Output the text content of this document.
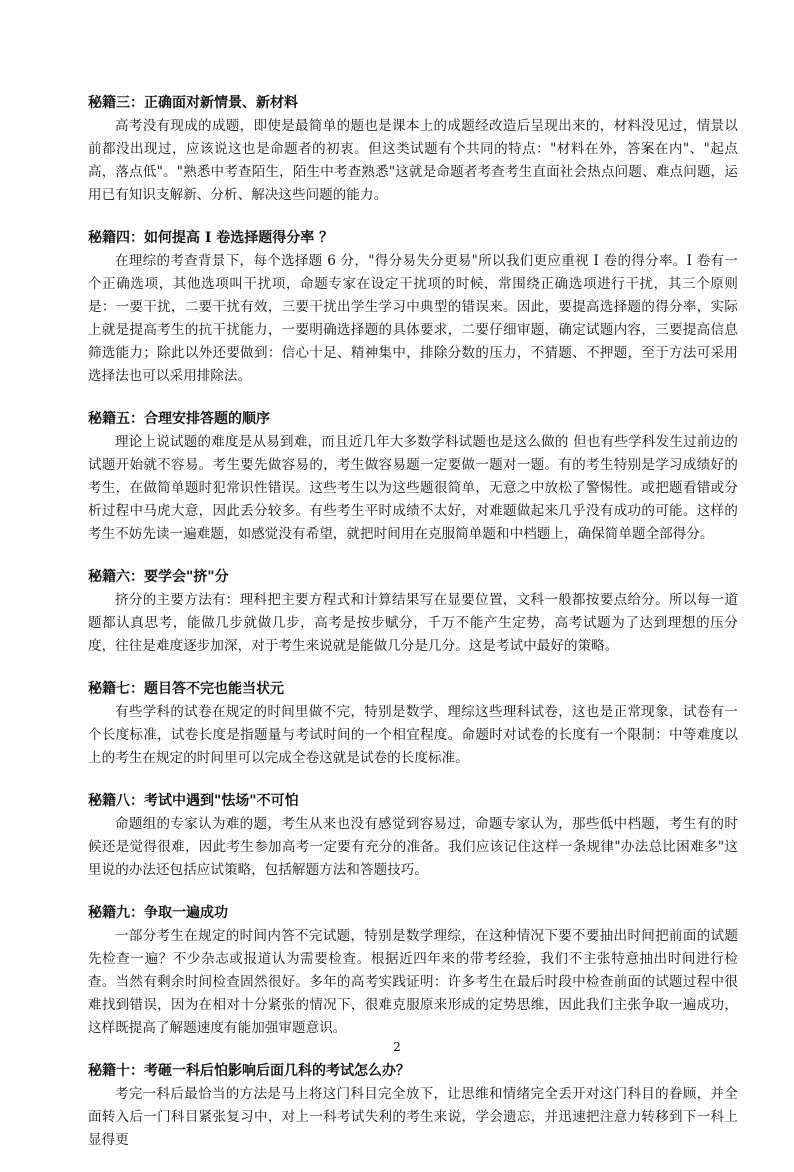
秘籍三：正确面对新情景、新材料

高考没有现成的成题，即使是最简单的题也是课本上的成题经改造后呈现出来的，材料没见过，情景以前都没出现过，应该说这也是命题者的初衷。但这类试题有个共同的特点："材料在外，答案在内"、"起点高，落点低"。"熟悉中考查陌生，陌生中考查熟悉"这就是命题者考查考生直面社会热点问题、难点问题，运用已有知识支解新、分析、解决这些问题的能力。

秘籍四：如何提高 I 卷选择题得分率 ？

在理综的考查背景下，每个选择题 6 分，"得分易失分更易"所以我们更应重视 I 卷的得分率。I 卷有一个正确选项，其他选项叫干扰项，命题专家在设定干扰项的时候，常围绕正确选项进行干扰，其三个原则是：一要干扰，二要干扰有效，三要干扰出学生学习中典型的错误来。因此，要提高选择题的得分率，实际上就是提高考生的抗干扰能力，一要明确选择题的具体要求，二要仔细审题，确定试题内容，三要提高信息筛选能力；除此以外还要做到：信心十足、精神集中，排除分数的压力，不猜题、不押题，至于方法可采用选择法也可以采用排除法。

秘籍五：合理安排答题的顺序

理论上说试题的难度是从易到难，而且近几年大多数学科试题也是这么做的 但也有些学科发生过前边的试题开始就不容易。考生要先做容易的，考生做容易题一定要做一题对一题。有的考生特别是学习成绩好的考生，在做简单题时犯常识性错误。这些考生以为这些题很简单，无意之中放松了警惕性。或把题看错或分析过程中马虎大意，因此丢分较多。有些考生平时成绩不太好，对难题做起来几乎没有成功的可能。这样的考生不妨先读一遍难题，如感觉没有希望，就把时间用在克服简单题和中档题上，确保简单题全部得分。

秘籍六：要学会"挤"分

挤分的主要方法有：理科把主要方程式和计算结果写在显要位置，文科一般都按要点给分。所以每一道题都认真思考，能做几步就做几步，高考是按步赋分，千万不能产生定势，高考试题为了达到理想的压分度，往往是难度逐步加深，对于考生来说就是能做几分是几分。这是考试中最好的策略。

秘籍七：题目答不完也能当状元

有些学科的试卷在规定的时间里做不完，特别是数学、理综这些理科试卷，这也是正常现象，试卷有一个长度标准，试卷长度是指题量与考试时间的一个相宜程度。命题时对试卷的长度有一个限制：中等难度以上的考生在规定的时间里可以完成全卷这就是试卷的长度标准。

秘籍八：考试中遇到"怯场"不可怕

命题组的专家认为难的题，考生从来也没有感觉到容易过，命题专家认为，那些低中档题，考生有的时候还是觉得很难，因此考生参加高考一定要有充分的准备。我们应该记住这样一条规律"办法总比困难多"这里说的办法还包括应试策略，包括解题方法和答题技巧。

秘籍九：争取一遍成功

一部分考生在规定的时间内答不完试题，特别是数学理综，在这种情况下要不要抽出时间把前面的试题先检查一遍？不少杂志或报道认为需要检查。根据近四年来的带考经验，我们不主张特意抽出时间进行检查。当然有剩余时间检查固然很好。多年的高考实践证明：许多考生在最后时段中检查前面的试题过程中很难找到错误，因为在相对十分紧张的情况下，很难克服原来形成的定势思维，因此我们主张争取一遍成功，这样既提高了解题速度有能加强审题意识。

秘籍十：考砸一科后怕影响后面几科的考试怎么办？

考完一科后最恰当的方法是马上将这门科目完全放下，让思维和情绪完全丢开对这门科目的眷顾，并全面转入后一门科目紧张复习中，对上一科考试失利的考生来说，学会遗忘，并迅速把注意力转移到下一科上显得更

2
